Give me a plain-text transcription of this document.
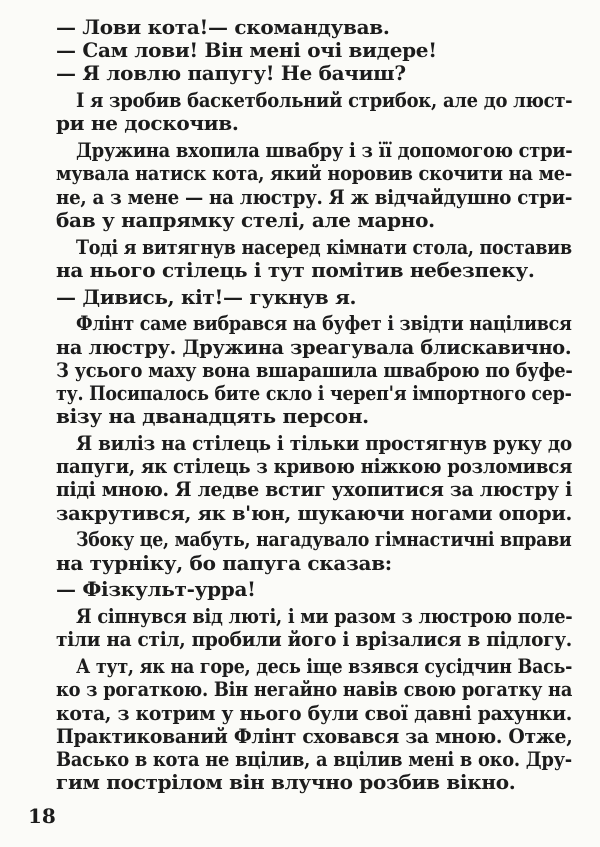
— Лови кота!— скомандував.
— Сам лови! Він мені очі видере!
— Я ловлю папугу! Не бачиш?
І я зробив баскетбольний стрибок, але до люст-
ри не доскочив.
Дружина вхопила швабру і з її допомогою стри-
мувала натиск кота, який норовив скочити на ме-
не, а з мене — на люстру. Я ж відчайдушно стри-
бав у напрямку стелі, але марно.
Тоді я витягнув насеред кімнати стола, поставив
на нього стілець і тут помітив небезпеку.
— Дивись, кіт!— гукнув я.
Флінт саме вибрався на буфет і звідти націлився
на люстру. Дружина зреагувала блискавично.
З усього маху вона вшарашила шваброю по буфе-
ту. Посипалось бите скло і череп'я імпортного сер-
візу на дванадцять персон.
Я виліз на стілець і тільки простягнув руку до
папуги, як стілець з кривою ніжкою розломився
піді мною. Я ледве встиг ухопитися за люстру і
закрутився, як в'юн, шукаючи ногами опори.
Збоку це, мабуть, нагадувало гімнастичні вправи
на турніку, бо папуга сказав:
— Фізкульт-урра!
Я сіпнувся від люті, і ми разом з люстрою поле-
тіли на стіл, пробили його і врізалися в підлогу.
А тут, як на горе, десь іще взявся сусідчин Вась-
ко з рогаткою. Він негайно навів свою рогатку на
кота, з котрим у нього були свої давні рахунки.
Практикований Флінт сховався за мною. Отже,
Васько в кота не вцілив, а вцілив мені в око. Дру-
гим пострілом він влучно розбив вікно.
18
